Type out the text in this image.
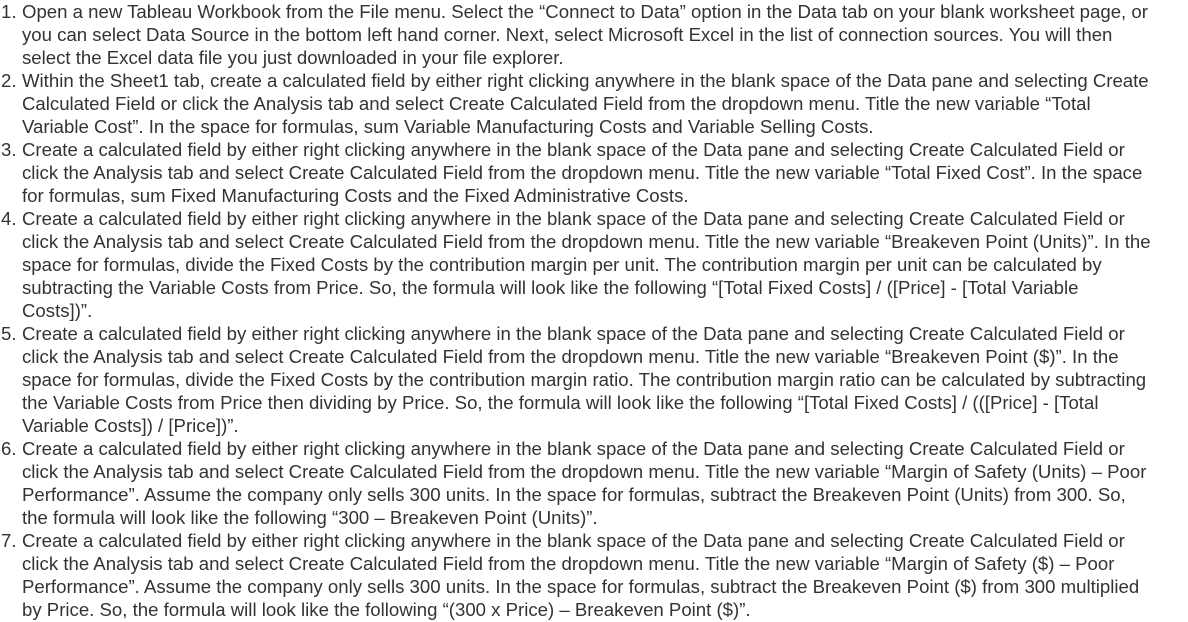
1. Open a new Tableau Workbook from the File menu. Select the “Connect to Data” option in the Data tab on your blank worksheet page, or you can select Data Source in the bottom left hand corner. Next, select Microsoft Excel in the list of connection sources. You will then select the Excel data file you just downloaded in your file explorer.
2. Within the Sheet1 tab, create a calculated field by either right clicking anywhere in the blank space of the Data pane and selecting Create Calculated Field or click the Analysis tab and select Create Calculated Field from the dropdown menu. Title the new variable “Total Variable Cost”. In the space for formulas, sum Variable Manufacturing Costs and Variable Selling Costs.
3. Create a calculated field by either right clicking anywhere in the blank space of the Data pane and selecting Create Calculated Field or click the Analysis tab and select Create Calculated Field from the dropdown menu. Title the new variable “Total Fixed Cost”. In the space for formulas, sum Fixed Manufacturing Costs and the Fixed Administrative Costs.
4. Create a calculated field by either right clicking anywhere in the blank space of the Data pane and selecting Create Calculated Field or click the Analysis tab and select Create Calculated Field from the dropdown menu. Title the new variable “Breakeven Point (Units)”. In the space for formulas, divide the Fixed Costs by the contribution margin per unit. The contribution margin per unit can be calculated by subtracting the Variable Costs from Price. So, the formula will look like the following “[Total Fixed Costs] / ([Price] - [Total Variable Costs])”.
5. Create a calculated field by either right clicking anywhere in the blank space of the Data pane and selecting Create Calculated Field or click the Analysis tab and select Create Calculated Field from the dropdown menu. Title the new variable “Breakeven Point ($)”. In the space for formulas, divide the Fixed Costs by the contribution margin ratio. The contribution margin ratio can be calculated by subtracting the Variable Costs from Price then dividing by Price. So, the formula will look like the following “[Total Fixed Costs] / (([Price] - [Total Variable Costs]) / [Price])”.
6. Create a calculated field by either right clicking anywhere in the blank space of the Data pane and selecting Create Calculated Field or click the Analysis tab and select Create Calculated Field from the dropdown menu. Title the new variable “Margin of Safety (Units) – Poor Performance”. Assume the company only sells 300 units. In the space for formulas, subtract the Breakeven Point (Units) from 300. So, the formula will look like the following “300 – Breakeven Point (Units)”.
7. Create a calculated field by either right clicking anywhere in the blank space of the Data pane and selecting Create Calculated Field or click the Analysis tab and select Create Calculated Field from the dropdown menu. Title the new variable “Margin of Safety ($) – Poor Performance”. Assume the company only sells 300 units. In the space for formulas, subtract the Breakeven Point ($) from 300 multiplied by Price. So, the formula will look like the following “(300 x Price) – Breakeven Point ($)”.
